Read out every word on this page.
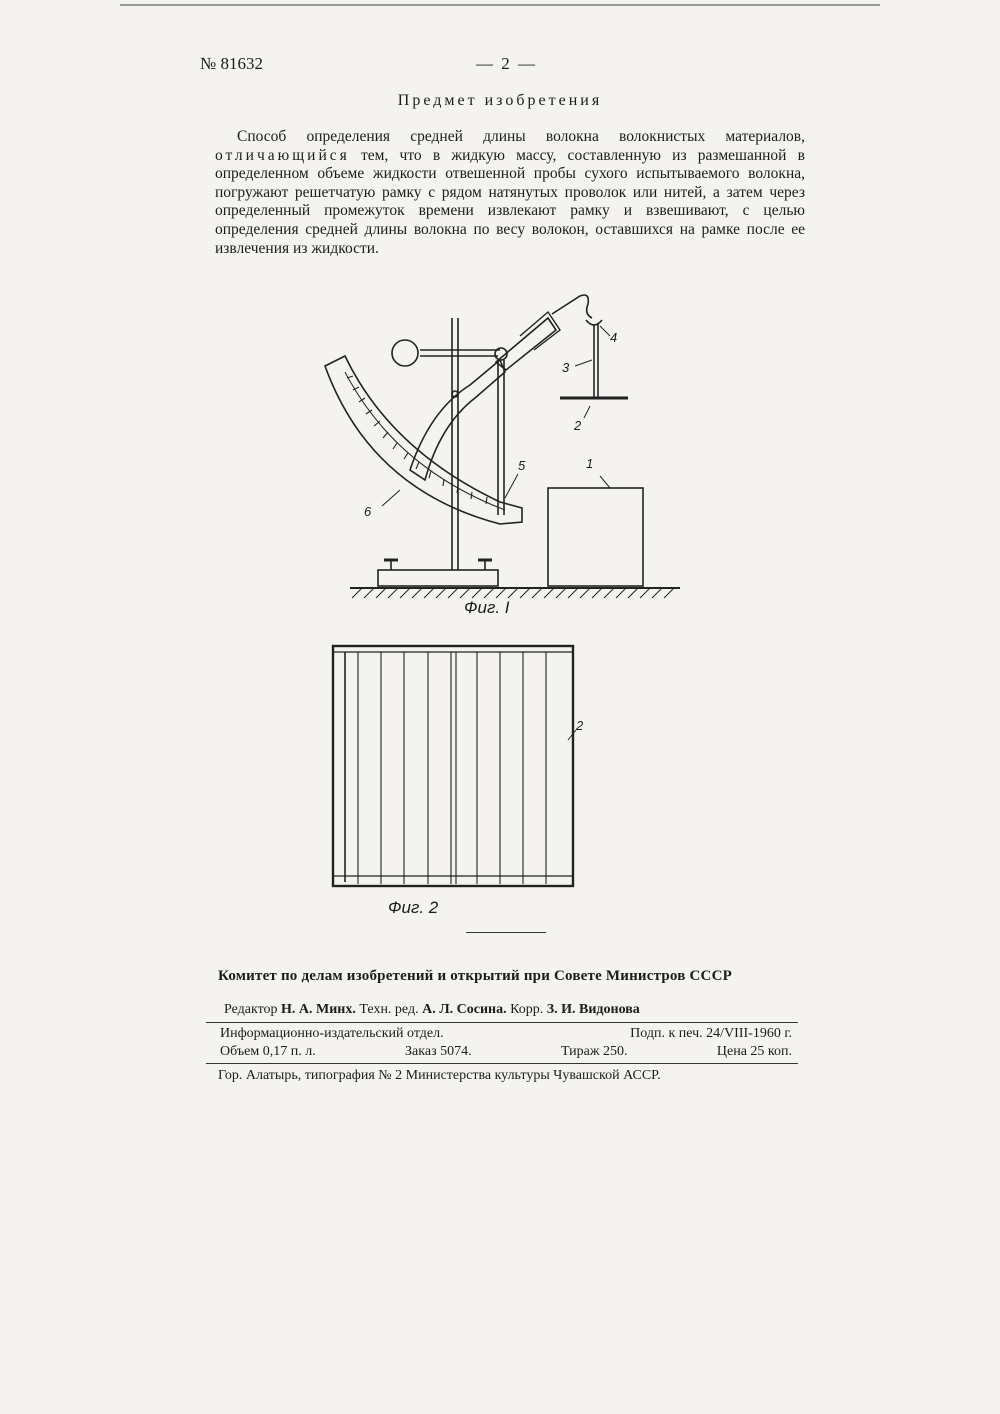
№ 81632	— 2 —
Предмет изобретения

Способ определения средней длины волокна волокнистых материалов, отличающийся тем, что в жидкую массу, составленную из размешанной в определенном объеме жидкости отвешенной пробы сухого испытываемого волокна, погружают решетчатую рамку с рядом натянутых проволок или нитей, а затем через определенный промежуток времени извлекают рамку и взвешивают, с целью определения средней длины волокна по весу волокон, оставшихся на рамке после ее извлечения из жидкости.

4
3
2
1
5
6
Фиг. I
2
Фиг. 2
Комитет по делам изобретений и открытий при Совете Министров СССР
Редактор Н. А. Минх. Техн. ред. А. Л. Сосина. Корр. З. И. Видонова
Информационно-издательский отдел.	Подп. к печ. 24/VIII-1960 г.
Объем 0,17 п. л.	Заказ 5074.	Тираж 250.	Цена 25 коп.
Гор. Алатырь, типография № 2 Министерства культуры Чувашской АССР.
